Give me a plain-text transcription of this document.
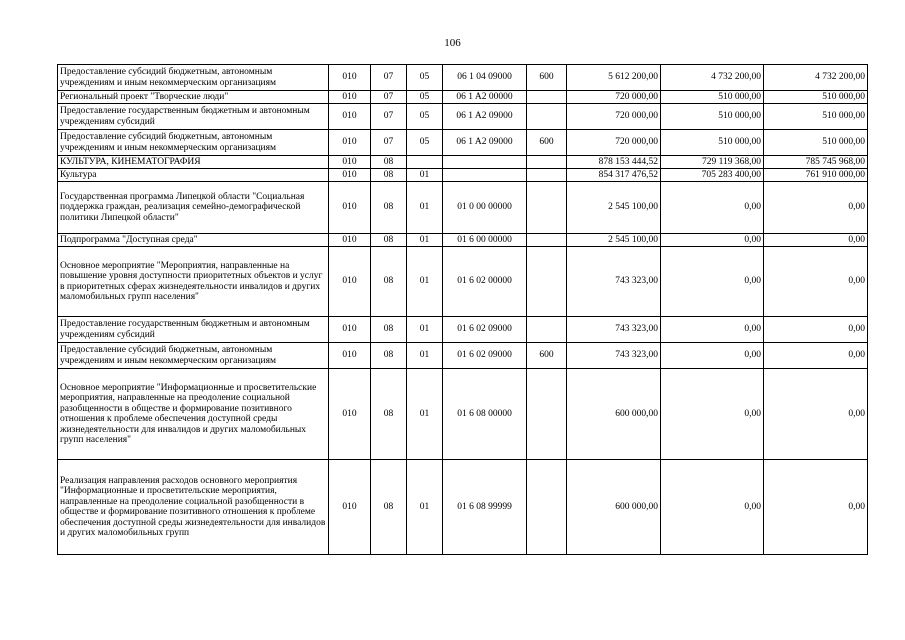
106
Предоставление субсидий бюджетным, автономным учреждениям и иным некоммерческим организациям	010	07	05	06 1 04 09000	600	5 612 200,00	4 732 200,00	4 732 200,00
Региональный проект "Творческие люди"	010	07	05	06 1 A2 00000		720 000,00	510 000,00	510 000,00
Предоставление государственным бюджетным и автономным учреждениям субсидий	010	07	05	06 1 A2 09000		720 000,00	510 000,00	510 000,00
Предоставление субсидий бюджетным, автономным учреждениям и иным некоммерческим организациям	010	07	05	06 1 A2 09000	600	720 000,00	510 000,00	510 000,00
КУЛЬТУРА, КИНЕМАТОГРАФИЯ	010	08				878 153 444,52	729 119 368,00	785 745 968,00
Культура	010	08	01			854 317 476,52	705 283 400,00	761 910 000,00
Государственная программа Липецкой области "Социальная поддержка граждан, реализация семейно-демографической политики Липецкой области"	010	08	01	01 0 00 00000		2 545 100,00	0,00	0,00
Подпрограмма "Доступная среда"	010	08	01	01 6 00 00000		2 545 100,00	0,00	0,00
Основное мероприятие "Мероприятия, направленные на повышение уровня доступности приоритетных объектов и услуг в приоритетных сферах жизнедеятельности инвалидов и других маломобильных групп населения"	010	08	01	01 6 02 00000		743 323,00	0,00	0,00
Предоставление государственным бюджетным и автономным учреждениям субсидий	010	08	01	01 6 02 09000		743 323,00	0,00	0,00
Предоставление субсидий бюджетным, автономным учреждениям и иным некоммерческим организациям	010	08	01	01 6 02 09000	600	743 323,00	0,00	0,00
Основное мероприятие "Информационные и просветительские мероприятия, направленные на преодоление социальной разобщенности в обществе и формирование позитивного отношения к проблеме обеспечения доступной среды жизнедеятельности для инвалидов и других маломобильных групп населения"	010	08	01	01 6 08 00000		600 000,00	0,00	0,00
Реализация направления расходов основного мероприятия "Информационные и просветительские мероприятия, направленные на преодоление социальной разобщенности в обществе и формирование позитивного отношения к проблеме обеспечения доступной среды жизнедеятельности для инвалидов и других маломобильных групп	010	08	01	01 6 08 99999		600 000,00	0,00	0,00
